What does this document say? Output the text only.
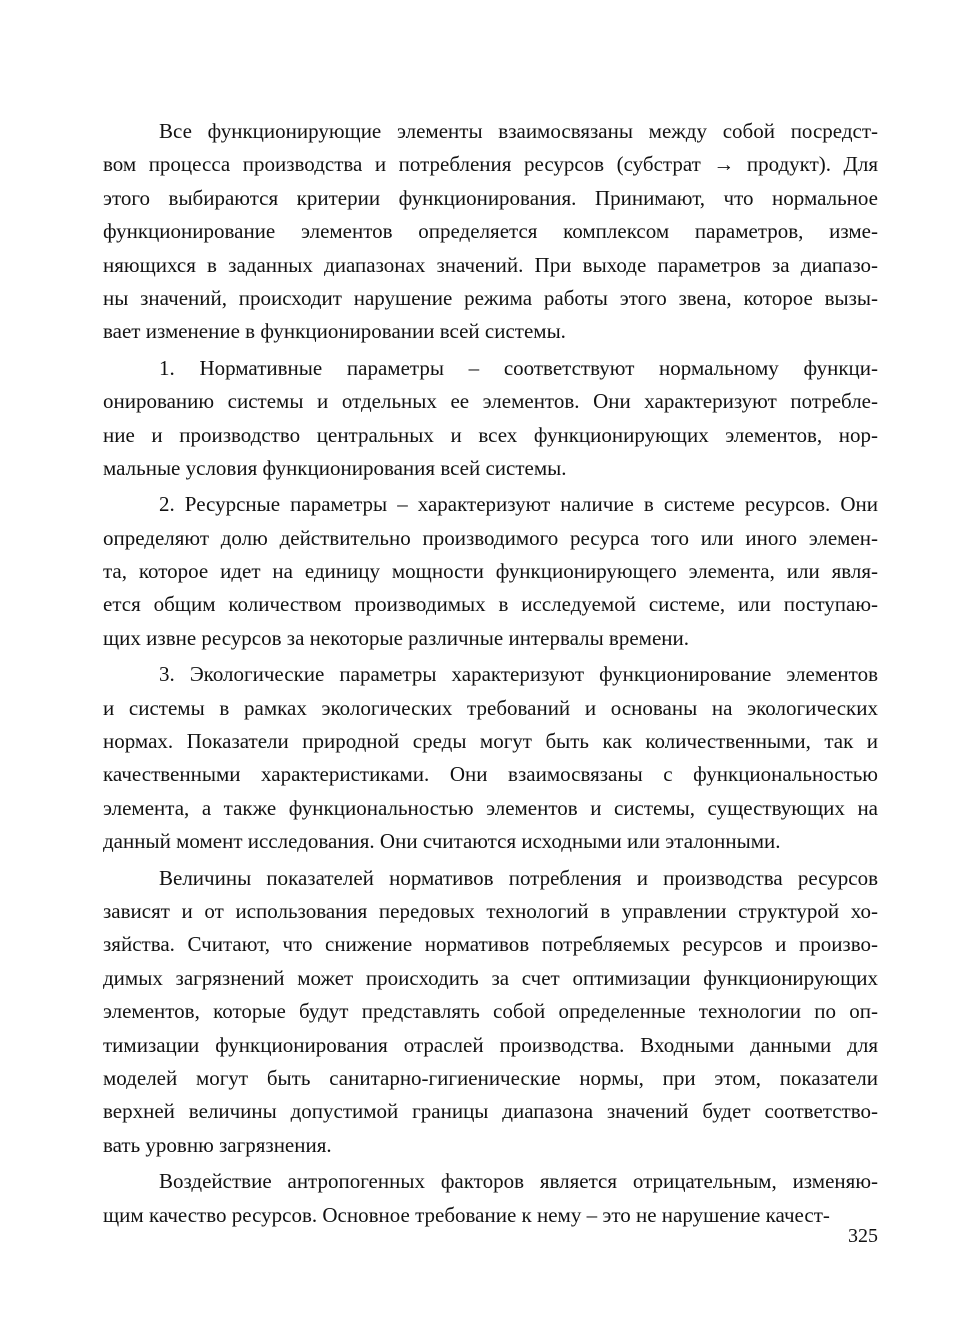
Все функционирующие элементы взаимосвязаны между собой посредст-
вом процесса производства и потребления ресурсов (субстрат → продукт). Для
этого выбираются критерии функционирования. Принимают, что нормальное
функционирование элементов определяется комплексом параметров, изме-
няющихся в заданных диапазонах значений. При выходе параметров за диапазо-
ны значений, происходит нарушение режима работы этого звена, которое вызы-
вает изменение в функционировании всей системы.
1. Нормативные параметры – соответствуют нормальному функци-
онированию системы и отдельных ее элементов. Они характеризуют потребле-
ние и производство центральных и всех функционирующих элементов, нор-
мальные условия функционирования всей системы.
2. Ресурсные параметры – характеризуют наличие в системе ресурсов. Они
определяют долю действительно производимого ресурса того или иного элемен-
та, которое идет на единицу мощности функционирующего элемента, или явля-
ется общим количеством производимых в исследуемой системе, или поступаю-
щих извне ресурсов за некоторые различные интервалы времени.
3. Экологические параметры характеризуют функционирование элементов
и системы в рамках экологических требований и основаны на экологических
нормах. Показатели природной среды могут быть как количественными, так и
качественными характеристиками. Они взаимосвязаны с функциональностью
элемента, а также функциональностью элементов и системы, существующих на
данный момент исследования. Они считаются исходными или эталонными.
Величины показателей нормативов потребления и производства ресурсов
зависят и от использования передовых технологий в управлении структурой хо-
зяйства. Считают, что снижение нормативов потребляемых ресурсов и произво-
димых загрязнений может происходить за счет оптимизации функционирующих
элементов, которые будут представлять собой определенные технологии по оп-
тимизации функционирования отраслей производства. Входными данными для
моделей могут быть санитарно-гигиенические нормы, при этом, показатели
верхней величины допустимой границы диапазона значений будет соответство-
вать уровню загрязнения.
Воздействие антропогенных факторов является отрицательным, изменяю-
щим качество ресурсов. Основное требование к нему – это не нарушение качест-
325
